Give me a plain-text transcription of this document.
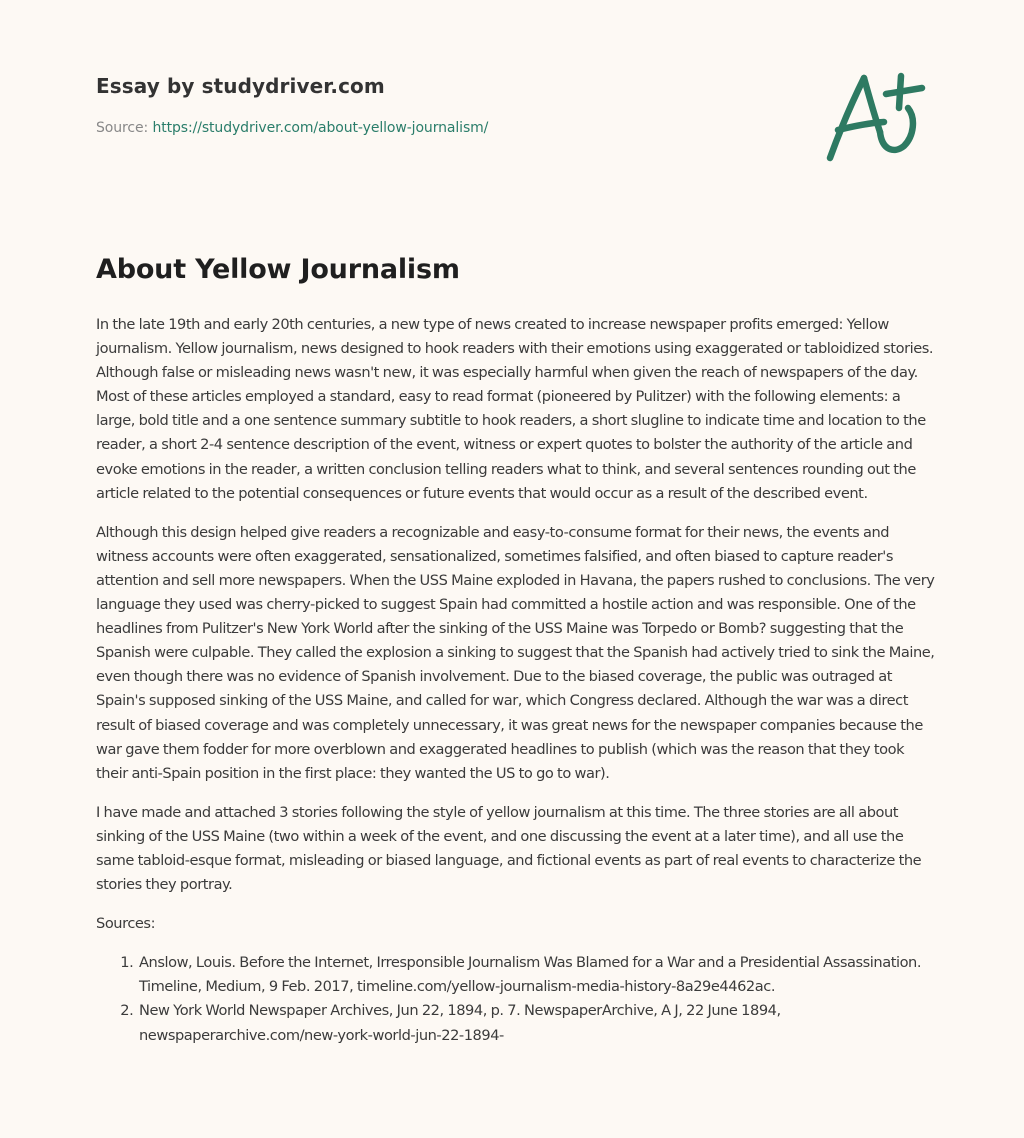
Essay by studydriver.com
Source: https://studydriver.com/about-yellow-journalism/
About Yellow Journalism

In the late 19th and early 20th centuries, a new type of news created to increase newspaper profits emerged: Yellow journalism. Yellow journalism, news designed to hook readers with their emotions using exaggerated or tabloidized stories. Although false or misleading news wasn't new, it was especially harmful when given the reach of newspapers of the day. Most of these articles employed a standard, easy to read format (pioneered by Pulitzer) with the following elements: a large, bold title and a one sentence summary subtitle to hook readers, a short slugline to indicate time and location to the reader, a short 2-4 sentence description of the event, witness or expert quotes to bolster the authority of the article and evoke emotions in the reader, a written conclusion telling readers what to think, and several sentences rounding out the article related to the potential consequences or future events that would occur as a result of the described event.

Although this design helped give readers a recognizable and easy-to-consume format for their news, the events and witness accounts were often exaggerated, sensationalized, sometimes falsified, and often biased to capture reader's attention and sell more newspapers. When the USS Maine exploded in Havana, the papers rushed to conclusions. The very language they used was cherry-picked to suggest Spain had committed a hostile action and was responsible. One of the headlines from Pulitzer's New York World after the sinking of the USS Maine was Torpedo or Bomb? suggesting that the Spanish were culpable. They called the explosion a sinking to suggest that the Spanish had actively tried to sink the Maine, even though there was no evidence of Spanish involvement. Due to the biased coverage, the public was outraged at Spain's supposed sinking of the USS Maine, and called for war, which Congress declared. Although the war was a direct result of biased coverage and was completely unnecessary, it was great news for the newspaper companies because the war gave them fodder for more overblown and exaggerated headlines to publish (which was the reason that they took their anti-Spain position in the first place: they wanted the US to go to war).

I have made and attached 3 stories following the style of yellow journalism at this time. The three stories are all about sinking of the USS Maine (two within a week of the event, and one discussing the event at a later time), and all use the same tabloid-esque format, misleading or biased language, and fictional events as part of real events to characterize the stories they portray.

Sources:

1. Anslow, Louis. Before the Internet, Irresponsible Journalism Was Blamed for a War and a Presidential Assassination. Timeline, Medium, 9 Feb. 2017, timeline.com/yellow-journalism-media-history-8a29e4462ac.
2. New York World Newspaper Archives, Jun 22, 1894, p. 7. NewspaperArchive, A J, 22 June 1894, newspaperarchive.com/new-york-world-jun-22-1894-
